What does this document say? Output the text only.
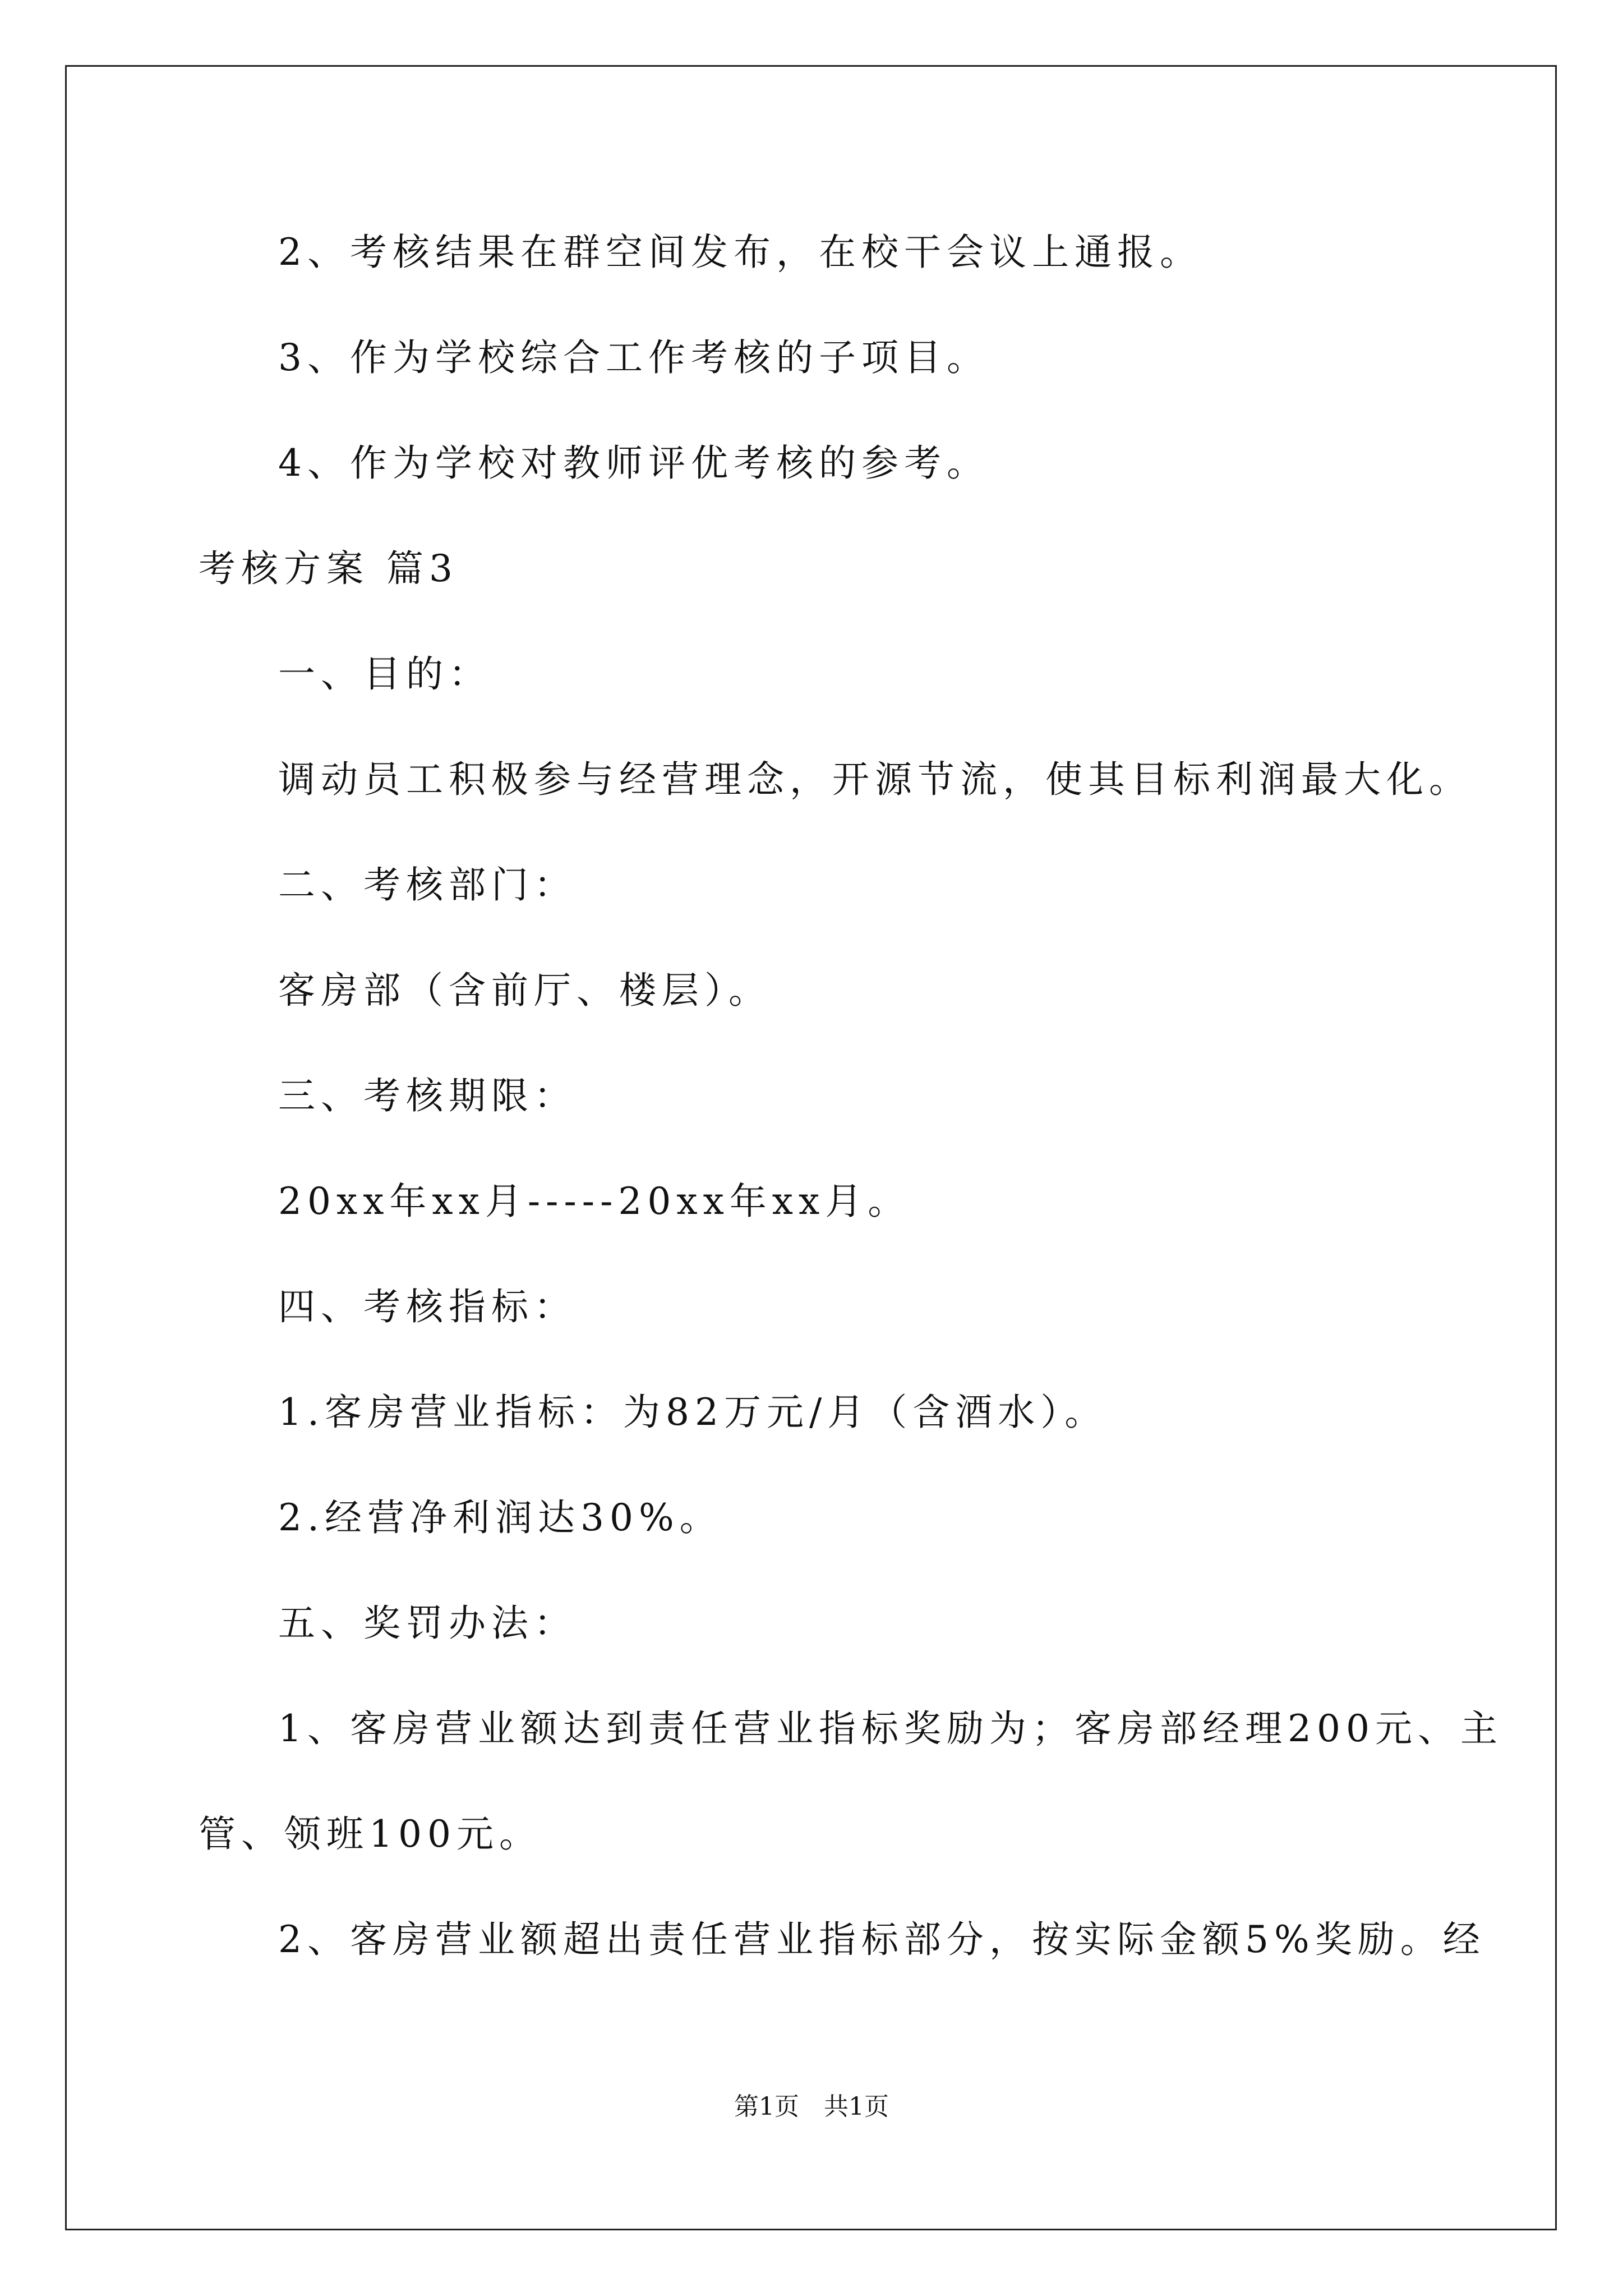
2、考核结果在群空间发布，在校干会议上通报。

3、作为学校综合工作考核的子项目。

4、作为学校对教师评优考核的参考。

考核方案 篇3

一、目的：

调动员工积极参与经营理念，开源节流，使其目标利润最大化。

二、考核部门：

客房部（含前厅、楼层）。

三、考核期限：

20xx年xx月-----20xx年xx月。

四、考核指标：

1.客房营业指标：为82万元/月（含酒水）。

2.经营净利润达30%。

五、奖罚办法：

1、客房营业额达到责任营业指标奖励为；客房部经理200元、主

管、领班100元。

2、客房营业额超出责任营业指标部分，按实际金额5%奖励。经

第1页　共1页
